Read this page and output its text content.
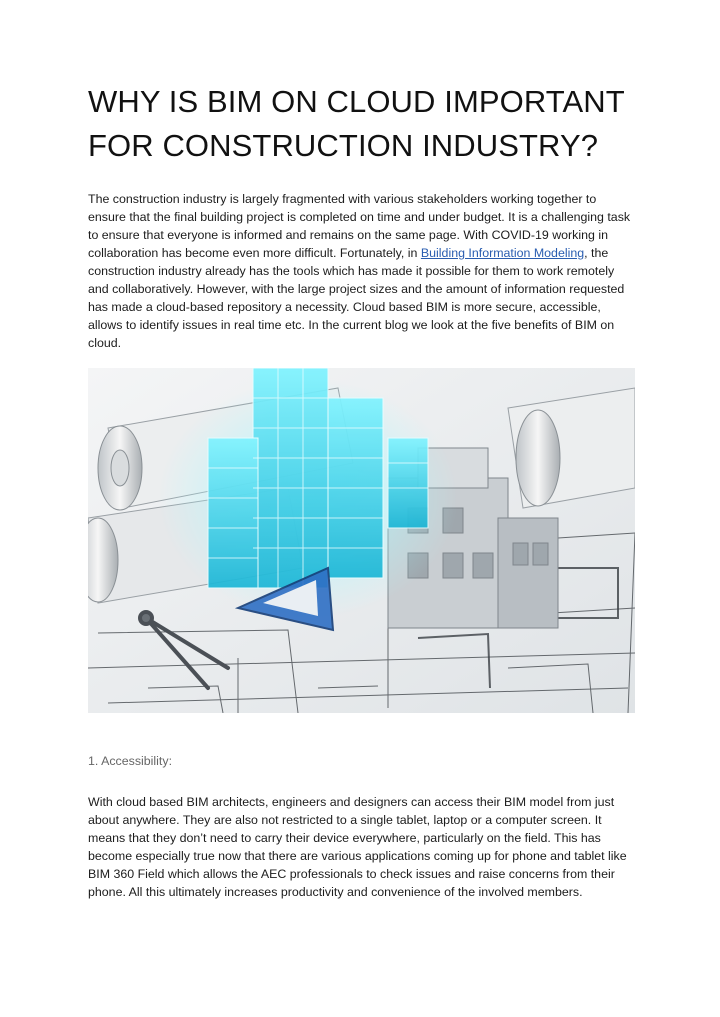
WHY IS BIM ON CLOUD IMPORTANT
FOR CONSTRUCTION INDUSTRY?

The construction industry is largely fragmented with various stakeholders working together to ensure that the final building project is completed on time and under budget. It is a challenging task to ensure that everyone is informed and remains on the same page. With COVID-19 working in collaboration has become even more difficult. Fortunately, in Building Information Modeling, the construction industry already has the tools which has made it possible for them to work remotely and collaboratively. However, with the large project sizes and the amount of information requested has made a cloud-based repository a necessity. Cloud based BIM is more secure, accessible, allows to identify issues in real time etc. In the current blog we look at the five benefits of BIM on cloud.

1. Accessibility:

With cloud based BIM architects, engineers and designers can access their BIM model from just about anywhere. They are also not restricted to a single tablet, laptop or a computer screen. It means that they don’t need to carry their device everywhere, particularly on the field. This has become especially true now that there are various applications coming up for phone and tablet like BIM 360 Field which allows the AEC professionals to check issues and raise concerns from their phone. All this ultimately increases productivity and convenience of the involved members.
